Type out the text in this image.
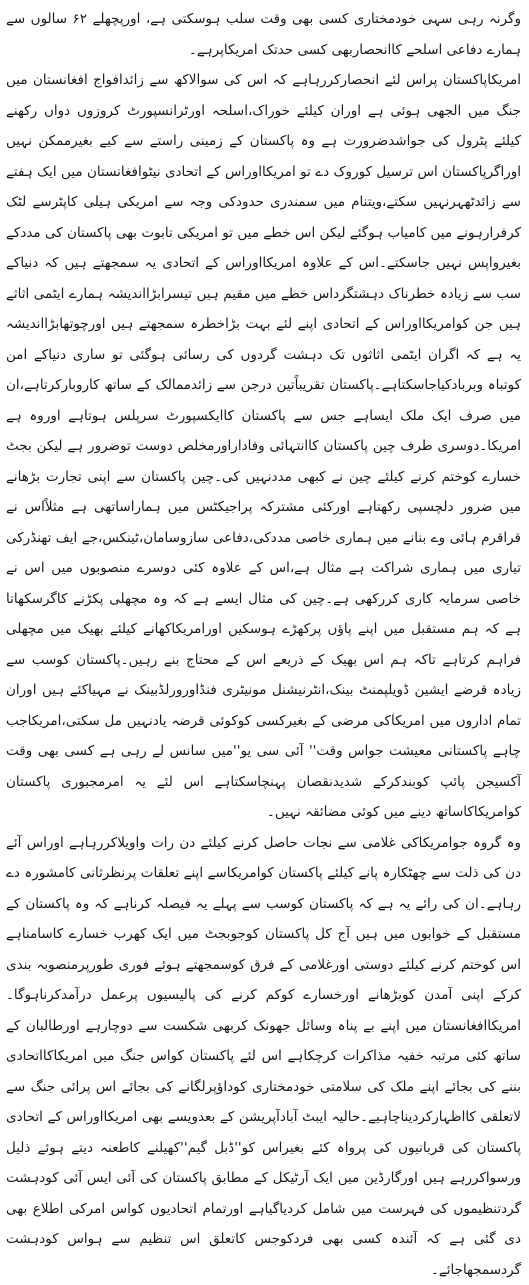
وگرنہ رہی سہی خودمختاری کسی بھی وقت سلب ہوسکتی ہے، اورپچھلے ۶۲ سالوں سے ہمارے دفاعی اسلحے کاانحصاربھی کسی حدتک امریکاپرہے۔

امریکاپاکستان پراس لئے انحصارکررہاہے کہ اس کی سوالاکھ سے زائدافواج افغانستان میں جنگ میں الجھی ہوئی ہے اوران کیلئے خوراک،اسلحہ اورٹرانسپورٹ کروزوں دواں رکھنے کیلئے پٹرول کی جواشدضرورت ہے وہ پاکستان کے زمینی راستے سے کیے بغیرممکن نہیں اوراگرپاکستان اس ترسیل کوروک دے تو امریکااوراس کے اتحادی نیٹوافغانستان میں ایک ہفتے سے زائدٹھہرنہیں سکتے،ویتنام میں سمندری حدودکی وجہ سے امریکی ہیلی کاپٹرسے لٹک کرفرارہونے میں کامیاب ہوگئے لیکن اس خطے میں تو امریکی تابوت بھی پاکستان کی مددکے بغیرواپس نہیں جاسکتے۔اس کے علاوہ امریکااوراس کے اتحادی یہ سمجھتے ہیں کہ دنیاکے سب سے زیادہ خطرناک دہشتگرداس خطے میں مقیم ہیں تیسرابڑااندیشہ ہمارے ایٹمی اثاثے ہیں جن کوامریکااوراس کے اتحادی اپنے لئے بہت بڑاخطرہ سمجھتے ہیں اورچوتھابڑااندیشہ یہ ہے کہ اگران ایٹمی اثاثوں تک دہشت گردوں کی رسائی ہوگئی تو ساری دنیاکے امن کوتباہ وبربادکیاجاسکتاہے۔پاکستان تقریباًتین درجن سے زائدممالک کے ساتھ کاروبارکرتاہے،ان میں صرف ایک ملک ایساہے جس سے پاکستان کاایکسپورٹ سرپلس ہوتاہے اوروہ ہے امریکا۔دوسری طرف چین پاکستان کاانتہائی وفاداراورمخلص دوست توضرور ہے لیکن بجٹ خسارے کوختم کرنے کیلئے چین نے کبھی مددنہیں کی۔چین پاکستان سے اپنی تجارت بڑھانے میں ضرور دلچسپی رکھتاہے اورکئی مشترکہ پراجیکٹس میں ہماراساتھی ہے مثلاًاس نے قراقرم ہائی وے بنانے میں ہماری خاصی مددکی،دفاعی سازوسامان،ٹینکس،جے ایف تھنڈرکی تیاری میں ہماری شراکت ہے مثال ہے،اس کے علاوہ کئی دوسرے منصوبوں میں اس نے خاصی سرمایہ کاری کررکھی ہے۔چین کی مثال ایسے ہے کہ وہ مچھلی پکڑنے کاگرسکھاتا ہے کہ ہم مستقبل میں اپنے پاؤں پرکھڑے ہوسکیں اورامریکاکھانے کیلئے بھیک میں مچھلی فراہم کرتاہے تاکہ ہم اس بھیک کے ذریعے اس کے محتاج بنے رہیں۔پاکستان کوسب سے زیادہ قرضے ایشین ڈویلپمنٹ بینک،انٹرنیشنل مونیٹری فنڈاورورلڈبینک نے مہیاکئے ہیں اوران تمام اداروں میں امریکاکی مرضی کے بغیرکسی کوکوئی قرضہ یادنہیں مل سکتی،امریکاجب چاہے پاکستانی معیشت جواس وقت'' آئی سی یو''میں سانس لے رہی ہے کسی بھی وقت آکسیجن پائپ کوبندکرکے شدیدنقصان پہنچاسکتاہے اس لئے یہ امرمجبوری پاکستان کوامریکاکاساتھ دینے میں کوئی مضائقہ نہیں۔

وہ گروہ جوامریکاکی غلامی سے نجات حاصل کرنے کیلئے دن رات واویلاکررہاہے اوراس آئے دن کی ذلت سے چھٹکارہ پانے کیلئے پاکستان کوامریکاسے اپنے تعلقات پرنظرثانی کامشورہ دے رہاہے۔ان کی رائے یہ ہے کہ پاکستان کوسب سے پہلے یہ فیصلہ کرناہے کہ وہ پاکستان کے مستقبل کے خوابوں میں ہیں آج کل پاکستان کوجوبجٹ میں ایک کھرب خسارے کاسامناہے اس کوختم کرنے کیلئے دوستی اورغلامی کے فرق کوسمجھتے ہوئے فوری طورپرمنصوبہ بندی کرکے اپنی آمدن کوبڑھانے اورخسارے کوکم کرنے کی پالیسیوں پرعمل درآمدکرناہوگا۔امریکاافغانستان میں اپنے بے پناہ وسائل جھونک کربھی شکست سے دوچارہے اورطالبان کے ساتھ کئی مرتبہ خفیہ مذاکرات کرچکاہے اس لئے پاکستان کواس جنگ میں امریکاکااتحادی بننے کی بجائے اپنے ملک کی سلامتی خودمختاری کوداؤپرلگانے کی بجائے اس پرائی جنگ سے لاتعلقی کااظہارکردیناچاہیے۔حالیہ ایبٹ آبادآپریشن کے بعدویسے بھی امریکااوراس کے اتحادی پاکستان کی قربانیوں کی پرواہ کئے بغیراس کو''ڈبل گیم''کھیلنے کاطعنہ دیتے ہوئے ذلیل ورسواکررہے ہیں اورگارڈین میں ایک آرٹیکل کے مطابق پاکستان کی آئی ایس آئی کودہشت گردتنظیموں کی فہرست میں شامل کردیاگیاہے اورتمام اتحادیوں کواس امرکی اطلاع بھی دی گئی ہے کہ آئندہ کسی بھی فردکوجس کاتعلق اس تنظیم سے ہواس کودہشت گردسمجھاجائے۔
